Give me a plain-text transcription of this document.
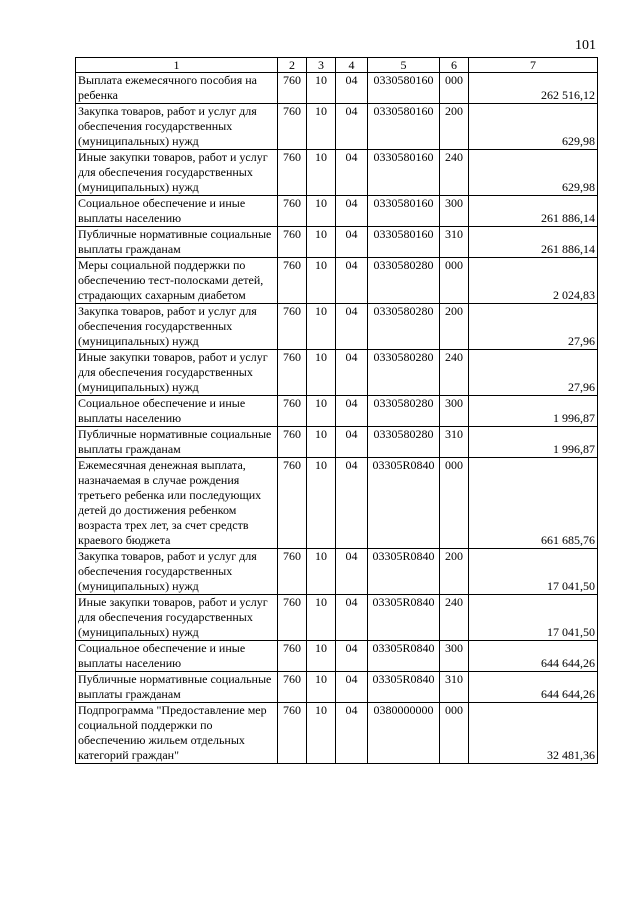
101
1	2	3	4	5	6	7
Выплата ежемесячного пособия на ребенка	760	10	04	0330580160	000	262 516,12
Закупка товаров, работ и услуг для обеспечения государственных (муниципальных) нужд	760	10	04	0330580160	200	629,98
Иные закупки товаров, работ и услуг для обеспечения государственных (муниципальных) нужд	760	10	04	0330580160	240	629,98
Социальное обеспечение и иные выплаты населению	760	10	04	0330580160	300	261 886,14
Публичные нормативные социальные выплаты гражданам	760	10	04	0330580160	310	261 886,14
Меры социальной поддержки по обеспечению тест-полосками детей, страдающих сахарным диабетом	760	10	04	0330580280	000	2 024,83
Закупка товаров, работ и услуг для обеспечения государственных (муниципальных) нужд	760	10	04	0330580280	200	27,96
Иные закупки товаров, работ и услуг для обеспечения государственных (муниципальных) нужд	760	10	04	0330580280	240	27,96
Социальное обеспечение и иные выплаты населению	760	10	04	0330580280	300	1 996,87
Публичные нормативные социальные выплаты гражданам	760	10	04	0330580280	310	1 996,87
Ежемесячная денежная выплата, назначаемая в случае рождения третьего ребенка или последующих детей до достижения ребенком возраста трех лет, за счет средств краевого бюджета	760	10	04	03305R0840	000	661 685,76
Закупка товаров, работ и услуг для обеспечения государственных (муниципальных) нужд	760	10	04	03305R0840	200	17 041,50
Иные закупки товаров, работ и услуг для обеспечения государственных (муниципальных) нужд	760	10	04	03305R0840	240	17 041,50
Социальное обеспечение и иные выплаты населению	760	10	04	03305R0840	300	644 644,26
Публичные нормативные социальные выплаты гражданам	760	10	04	03305R0840	310	644 644,26
Подпрограмма "Предоставление мер социальной поддержки по обеспечению жильем отдельных категорий граждан"	760	10	04	0380000000	000	32 481,36
